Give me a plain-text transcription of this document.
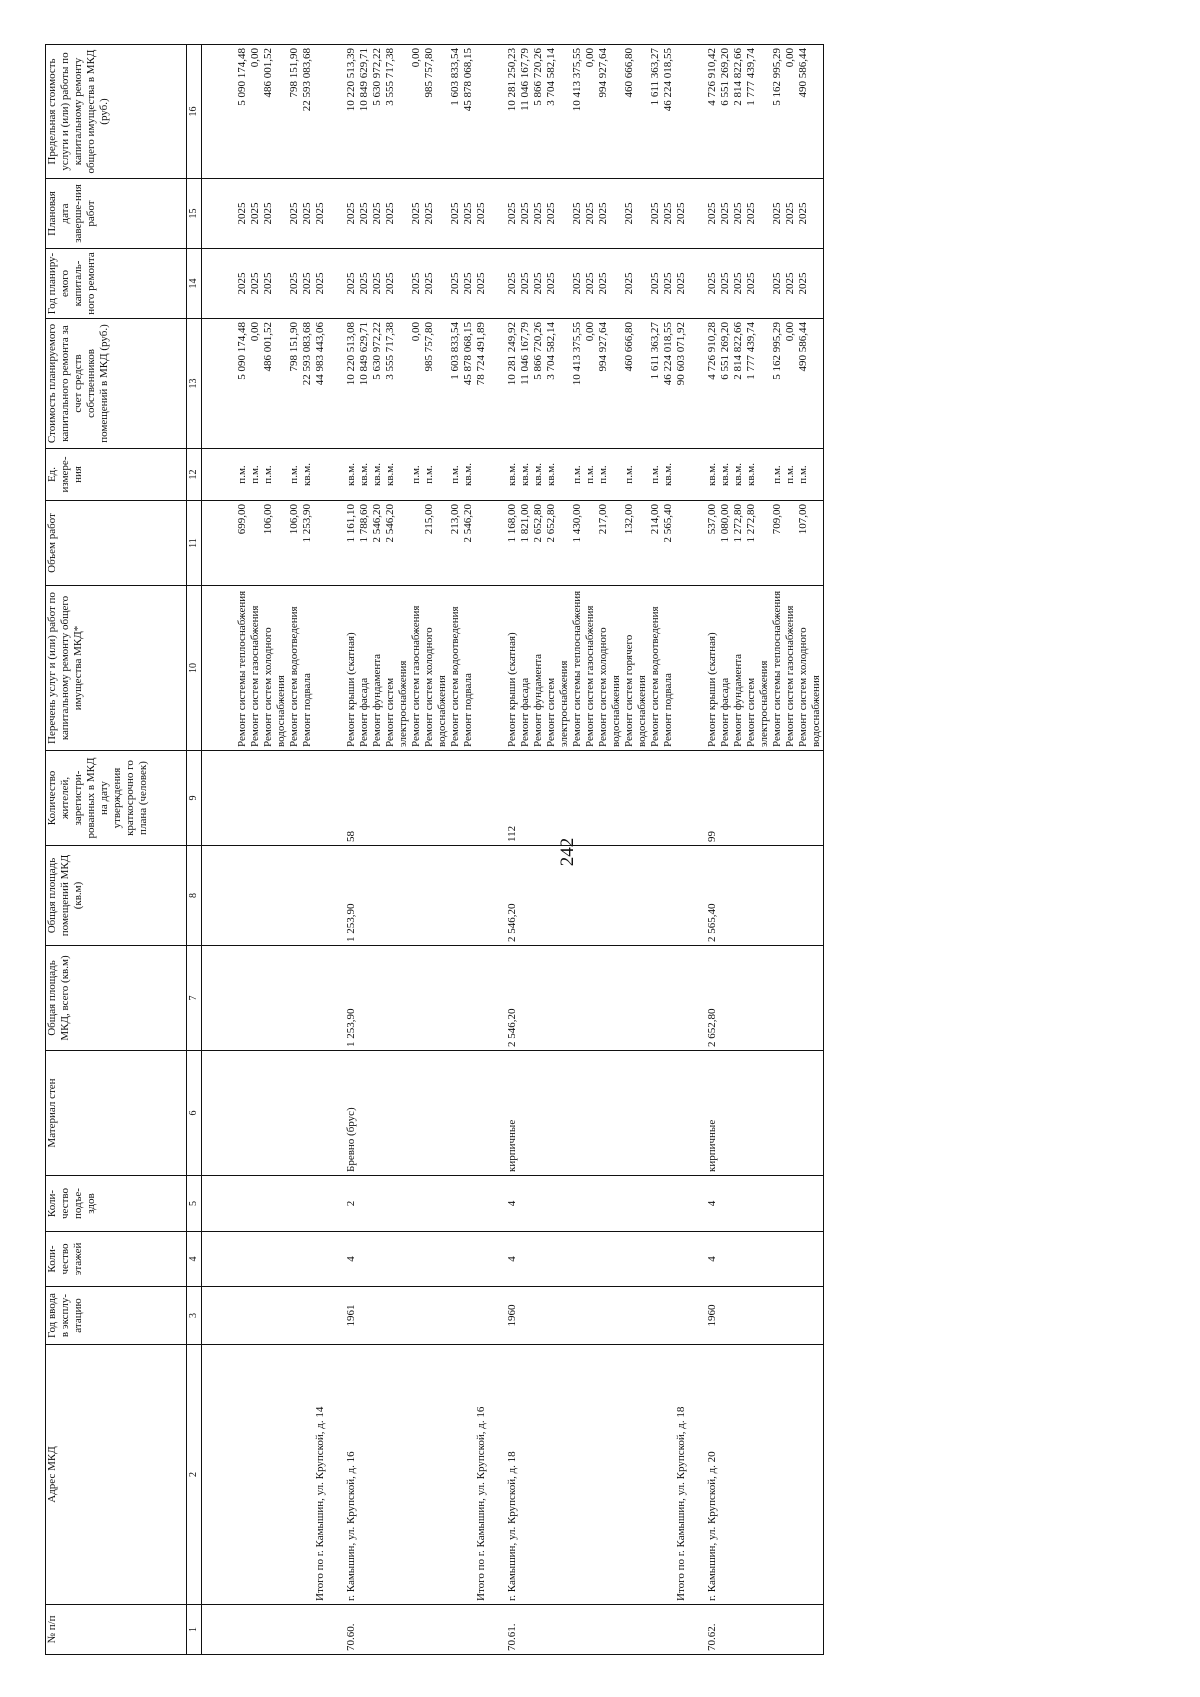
242
№ п/п	Адрес МКД	Год ввода в эксплу-атацию	Коли-чество этажей	Коли-чество подъе-здов	Материал стен	Общая площадь МКД, всего (кв.м)	Общая площадь помещений МКД (кв.м)	Количество жителей, зарегистри-рованных в МКД на дату утверждения краткосрочно го плана (человек)	Перечень услуг и (или) работ по капитальному ремонту общего имущества МКД*	Объем работ	Ед. измере-ния	Стоимость планируемого капитального ремонта за счет средств собственников помещений в МКД (руб.)	Год планиру-емого капиталь-ного ремонта	Плановая дата заверше-ния работ	Предельная стоимость услуги и (или) работы по капитальному ремонту общего имущества в МКД (руб.)
1	2	3	4	5	6	7	8	9	10	11	12	13	14	15	16

									Ремонт системы теплоснабжения	699,00	п.м.	5 090 174,48	2025	2025	5 090 174,48
									Ремонт систем газоснабжения		п.м.	0,00	2025	2025	0,00
									Ремонт систем холодного водоснабжения	106,00	п.м.	486 001,52	2025	2025	486 001,52
									Ремонт систем водоотведения	106,00	п.м.	798 151,90	2025	2025	798 151,90
									Ремонт подвала	1 253,90	кв.м.	22 593 083,68	2025	2025	22 593 083,68
	Итого по г. Камышин, ул. Крупской, д. 14											44 983 443,06	2025	2025	

70.60.	г. Камышин, ул. Крупской, д. 16	1961	4	2	Бревно (брус)	1 253,90	1 253,90	58	Ремонт крыши (скатная)	1 161,10	кв.м.	10 220 513,08	2025	2025	10 220 513,39
									Ремонт фасада	1 788,60	кв.м.	10 849 629,71	2025	2025	10 849 629,71
									Ремонт фундамента	2 546,20	кв.м.	5 630 972,22	2025	2025	5 630 972,22
									Ремонт систем электроснабжения	2 546,20	кв.м.	3 555 717,38	2025	2025	3 555 717,38
									Ремонт систем газоснабжения		п.м.	0,00	2025	2025	0,00
									Ремонт систем холодного водоснабжения	215,00	п.м.	985 757,80	2025	2025	985 757,80
									Ремонт систем водоотведения	213,00	п.м.	1 603 833,54	2025	2025	1 603 833,54
									Ремонт подвала	2 546,20	кв.м.	45 878 068,15	2025	2025	45 878 068,15
	Итого по г. Камышин, ул. Крупской, д. 16											78 724 491,89	2025	2025	

70.61.	г. Камышин, ул. Крупской, д. 18	1960	4	4	кирпичные	2 546,20	2 546,20	112	Ремонт крыши (скатная)	1 168,00	кв.м.	10 281 249,92	2025	2025	10 281 250,23
									Ремонт фасада	1 821,00	кв.м.	11 046 167,79	2025	2025	11 046 167,79
									Ремонт фундамента	2 652,80	кв.м.	5 866 720,26	2025	2025	5 866 720,26
									Ремонт систем электроснабжения	2 652,80	кв.м.	3 704 582,14	2025	2025	3 704 582,14
									Ремонт системы теплоснабжения	1 430,00	п.м.	10 413 375,55	2025	2025	10 413 375,55
									Ремонт систем газоснабжения		п.м.	0,00	2025	2025	0,00
									Ремонт систем холодного водоснабжения	217,00	п.м.	994 927,64	2025	2025	994 927,64
									Ремонт систем горячего водоснабжения	132,00	п.м.	460 666,80	2025	2025	460 666,80
									Ремонт систем водоотведения	214,00	п.м.	1 611 363,27	2025	2025	1 611 363,27
									Ремонт подвала	2 565,40	кв.м.	46 224 018,55	2025	2025	46 224 018,55
	Итого по г. Камышин, ул. Крупской, д. 18											90 603 071,92	2025	2025	

70.62.	г. Камышин, ул. Крупской, д. 20	1960	4	4	кирпичные	2 652,80	2 565,40	99	Ремонт крыши (скатная)	537,00	кв.м.	4 726 910,28	2025	2025	4 726 910,42
									Ремонт фасада	1 080,00	кв.м.	6 551 269,20	2025	2025	6 551 269,20
									Ремонт фундамента	1 272,80	кв.м.	2 814 822,66	2025	2025	2 814 822,66
									Ремонт систем электроснабжения	1 272,80	кв.м.	1 777 439,74	2025	2025	1 777 439,74
									Ремонт системы теплоснабжения	709,00	п.м.	5 162 995,29	2025	2025	5 162 995,29
									Ремонт систем газоснабжения		п.м.	0,00	2025	2025	0,00
									Ремонт систем холодного водоснабжения	107,00	п.м.	490 586,44	2025	2025	490 586,44
